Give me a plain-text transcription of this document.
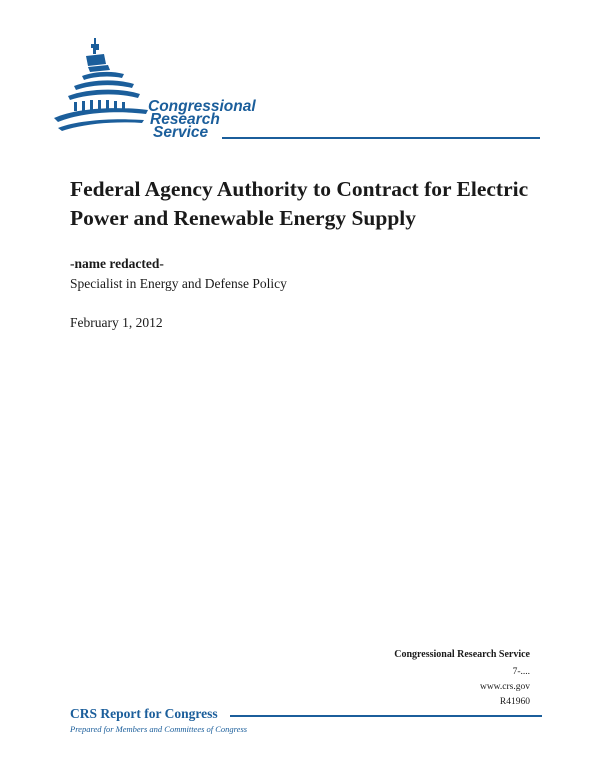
Congressional
Research
Service
Federal Agency Authority to Contract for Electric Power and Renewable Energy Supply
-name redacted-
Specialist in Energy and Defense Policy
February 1, 2012
Congressional Research Service
7-....
www.crs.gov
R41960
CRS Report for Congress
Prepared for Members and Committees of Congress
